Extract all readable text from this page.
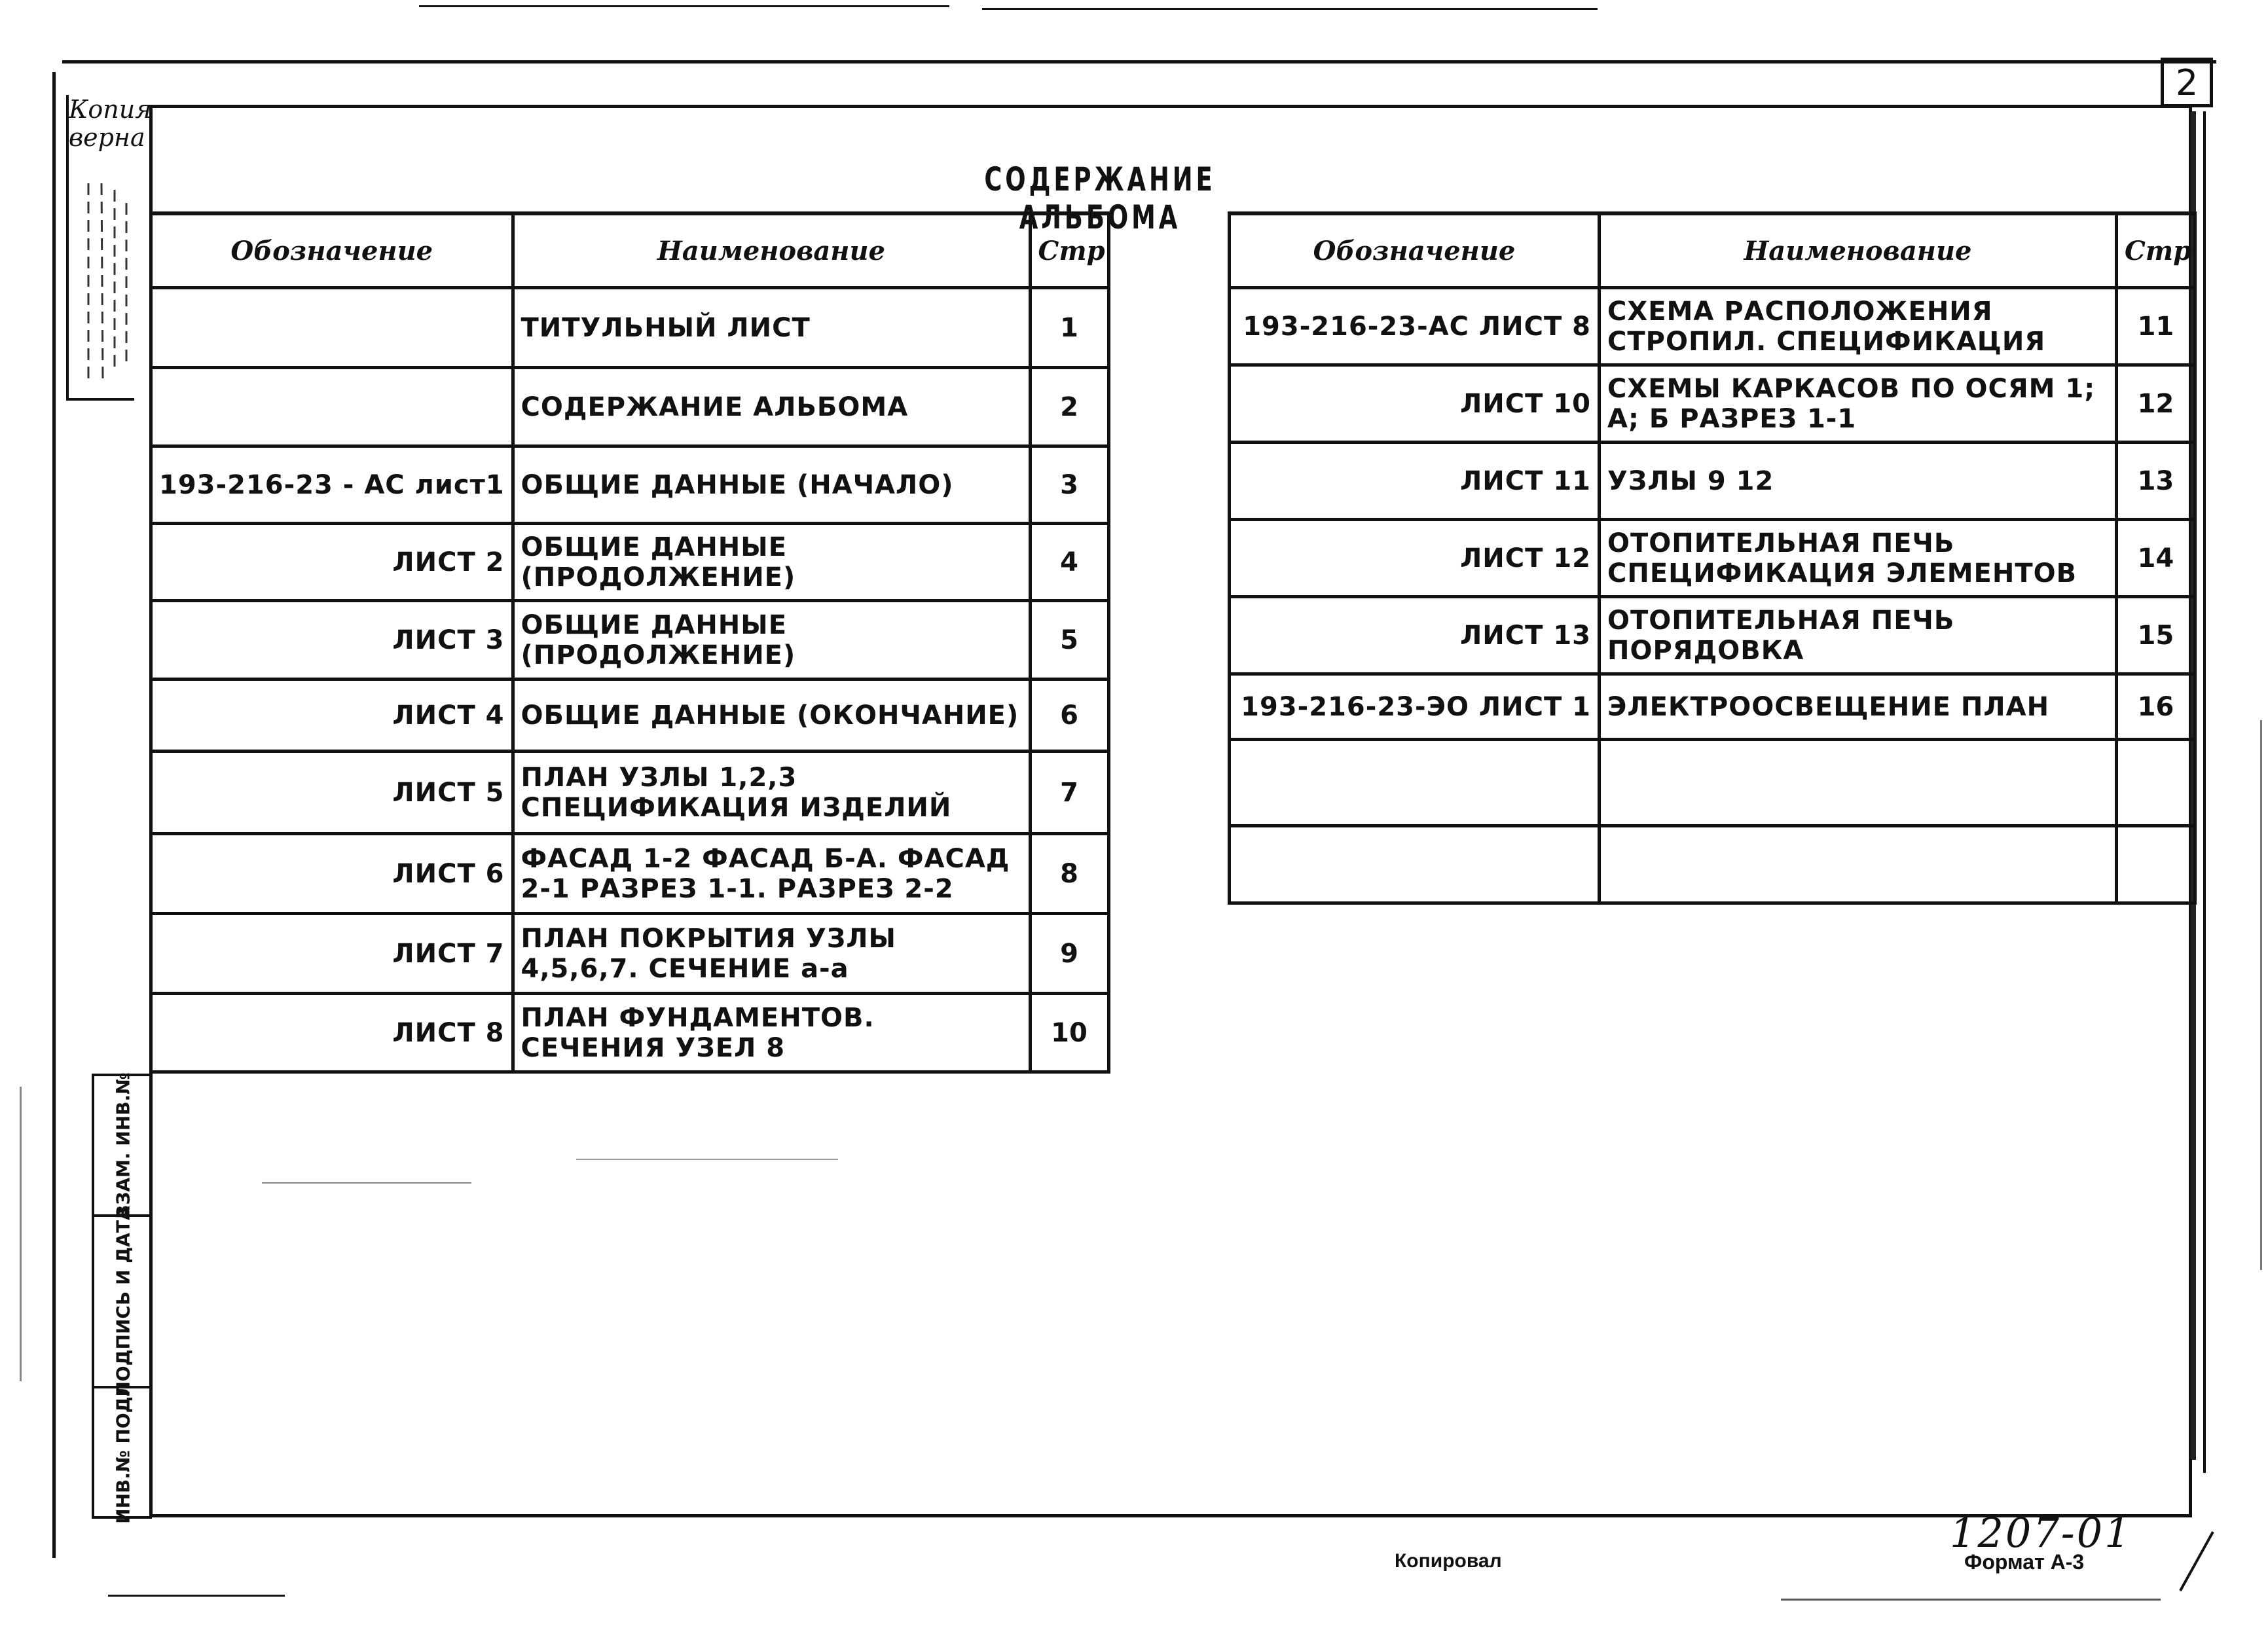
2
СОДЕРЖАНИЕ АЛЬБОМА
Обозначение	Наименование	Стр
	ТИТУЛЬНЫЙ ЛИСТ	1
	СОДЕРЖАНИЕ АЛЬБОМА	2
193-216-23 - АС лист1	ОБЩИЕ ДАННЫЕ (НАЧАЛО)	3
ЛИСТ 2	ОБЩИЕ ДАННЫЕ (ПРОДОЛЖЕНИЕ)	4
ЛИСТ 3	ОБЩИЕ ДАННЫЕ (ПРОДОЛЖЕНИЕ)	5
ЛИСТ 4	ОБЩИЕ ДАННЫЕ (ОКОНЧАНИЕ)	6
ЛИСТ 5	ПЛАН УЗЛЫ 1,2,3 СПЕЦИФИКАЦИЯ ИЗДЕЛИЙ	7
ЛИСТ 6	ФАСАД 1-2 ФАСАД Б-А. ФАСАД 2-1 РАЗРЕЗ 1-1. РАЗРЕЗ 2-2	8
ЛИСТ 7	ПЛАН ПОКРЫТИЯ УЗЛЫ 4,5,6,7. СЕЧЕНИЕ а-а	9
ЛИСТ 8	ПЛАН ФУНДАМЕНТОВ. СЕЧЕНИЯ УЗЕЛ 8	10
Обозначение	Наименование	Стр
193-216-23-АС ЛИСТ 8	СХЕМА РАСПОЛОЖЕНИЯ СТРОПИЛ. СПЕЦИФИКАЦИЯ	11
ЛИСТ 10	СХЕМЫ КАРКАСОВ ПО ОСЯМ 1; А; Б РАЗРЕЗ 1-1	12
ЛИСТ 11	УЗЛЫ 9 12	13
ЛИСТ 12	ОТОПИТЕЛЬНАЯ ПЕЧЬ СПЕЦИФИКАЦИЯ ЭЛЕМЕНТОВ	14
ЛИСТ 13	ОТОПИТЕЛЬНАЯ ПЕЧЬ ПОРЯДОВКА	15
193-216-23-ЭО ЛИСТ 1	ЭЛЕКТРООСВЕЩЕНИЕ ПЛАН	16

Копия
верна
ВЗАМ. ИНВ.№
ПОДПИСЬ И ДАТА
ИНВ.№ ПОДЛ
1207-01
Копировал	Формат А-3
